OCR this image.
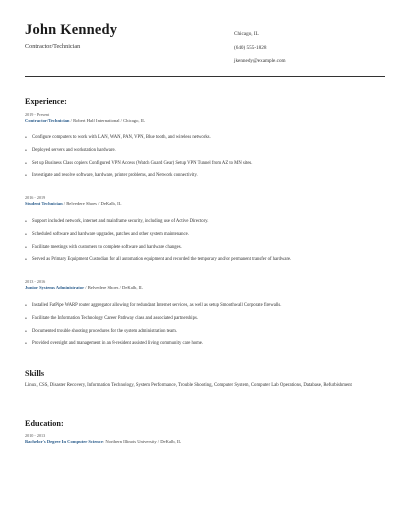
John Kennedy
Contractor/Technician
Chicago, IL
(640) 555-1828
jkennedy@example.com
Experience:
2019 - Present
Contractor/Technician / Robert Half International / Chicago, IL
• Configure computers to work with LAN, WAN, PAN, VPN, Blue tooth, and wireless networks.
• Deployed servers and workstation hardware.
• Set up Business Class copiers Configured VPN Access (Watch Guard Gear) Setup VPN Tunnel from AZ to MN sites.
• Investigate and resolve software, hardware, printer problems, and Network connectivity.
2016 - 2019
Student Technician / Belvedere Shoes / DeKalb, IL
• Support included network, internet and mainframe security, including use of Active Directory.
• Scheduled software and hardware upgrades, patches and other system maintenance.
• Facilitate meetings with customers to complete software and hardware changes.
• Served as Primary Equipment Custodian for all automation equipment and recorded the temporary and/or permanent transfer of hardware.
2013 - 2016
Junior Systems Administrator / Belvedere Shoes / DeKalb, IL
• Installed FatPipe WARP router aggregator allowing for redundant Internet services, as well as setup Smoothwall Corporate firewalls.
• Facilitate the Information Technology Career Pathway class and associated partnerships.
• Documented trouble shooting procedures for the system administration team.
• Provided oversight and management in an 8-resident assisted living community care home.
Skills
Linux, CSS, Disaster Recovery, Information Technology, System Performance, Trouble Shooting, Computer System, Computer Lab Operations, Database, Refurbishment
Education:
2010 - 2013
Bachelor's Degree In Computer Science: Northern Illinois University / DeKalb, IL
